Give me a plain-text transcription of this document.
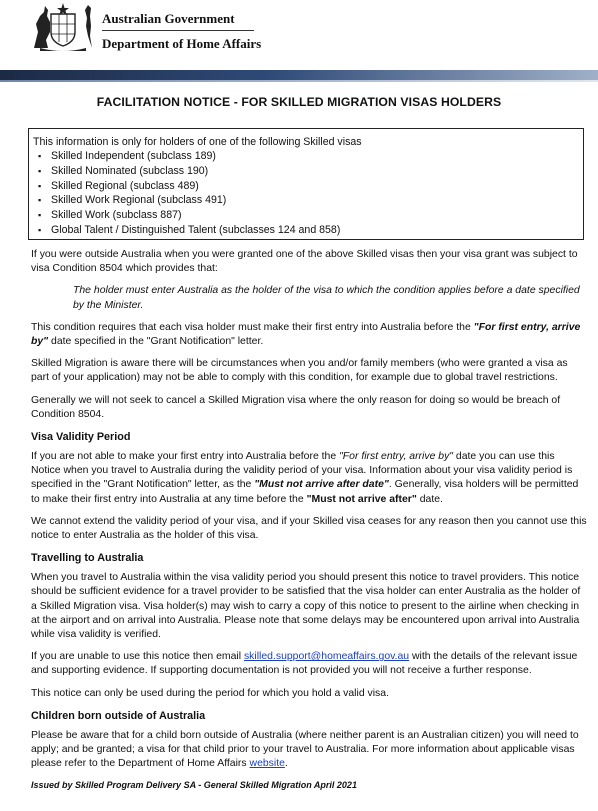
Australian Government
Department of Home Affairs
FACILITATION NOTICE - FOR SKILLED MIGRATION VISAS HOLDERS
This information is only for holders of one of the following Skilled visas
▪ Skilled Independent (subclass 189)
▪ Skilled Nominated (subclass 190)
▪ Skilled Regional (subclass 489)
▪ Skilled Work Regional (subclass 491)
▪ Skilled Work (subclass 887)
▪ Global Talent / Distinguished Talent (subclasses 124 and 858)

If you were outside Australia when you were granted one of the above Skilled visas then your visa grant was subject to visa Condition 8504 which provides that:

The holder must enter Australia as the holder of the visa to which the condition applies before a date specified by the Minister.

This condition requires that each visa holder must make their first entry into Australia before the "For first entry, arrive by" date specified in the "Grant Notification" letter.

Skilled Migration is aware there will be circumstances when you and/or family members (who were granted a visa as part of your application) may not be able to comply with this condition, for example due to global travel restrictions.

Generally we will not seek to cancel a Skilled Migration visa where the only reason for doing so would be breach of Condition 8504.

Visa Validity Period

If you are not able to make your first entry into Australia before the "For first entry, arrive by" date you can use this Notice when you travel to Australia during the validity period of your visa. Information about your visa validity period is specified in the "Grant Notification" letter, as the "Must not arrive after date". Generally, visa holders will be permitted to make their first entry into Australia at any time before the "Must not arrive after" date.

We cannot extend the validity period of your visa, and if your Skilled visa ceases for any reason then you cannot use this notice to enter Australia as the holder of this visa.

Travelling to Australia

When you travel to Australia within the visa validity period you should present this notice to travel providers. This notice should be sufficient evidence for a travel provider to be satisfied that the visa holder can enter Australia as the holder of a Skilled Migration visa. Visa holder(s) may wish to carry a copy of this notice to present to the airline when checking in at the airport and on arrival into Australia. Please note that some delays may be encountered upon arrival into Australia while visa validity is verified.

If you are unable to use this notice then email skilled.support@homeaffairs.gov.au with the details of the relevant issue and supporting evidence. If supporting documentation is not provided you will not receive a further response.

This notice can only be used during the period for which you hold a valid visa.

Children born outside of Australia

Please be aware that for a child born outside of Australia (where neither parent is an Australian citizen) you will need to apply; and be granted; a visa for that child prior to your travel to Australia. For more information about applicable visas please refer to the Department of Home Affairs website.

Issued by Skilled Program Delivery SA - General Skilled Migration April 2021
